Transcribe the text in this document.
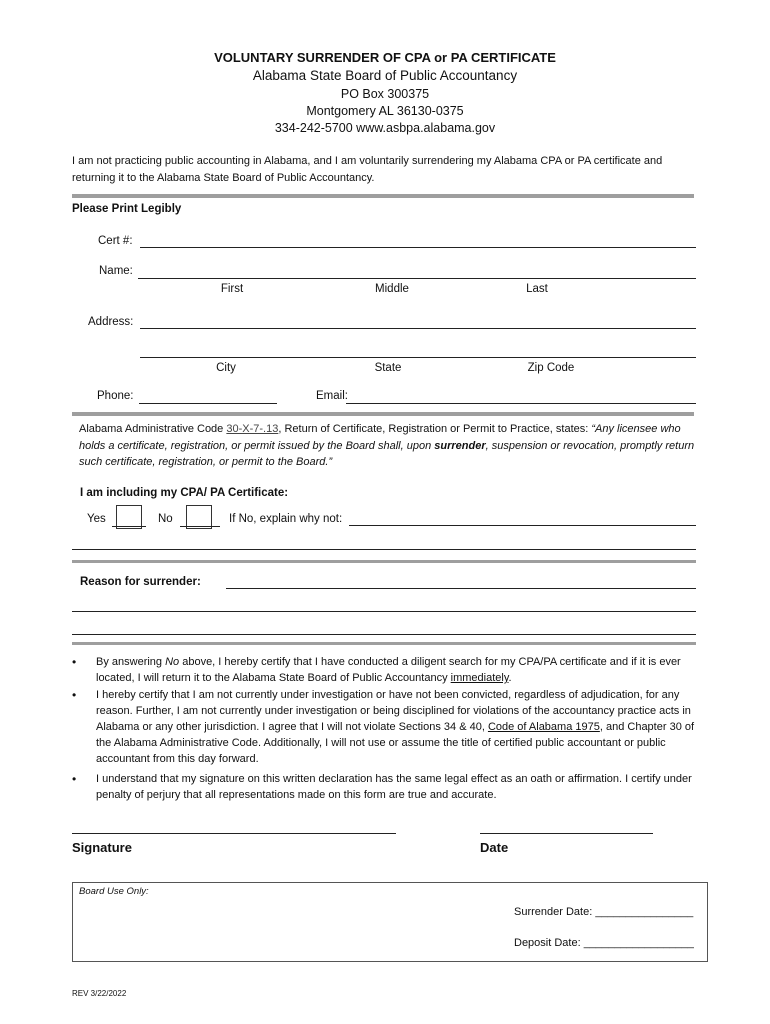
VOLUNTARY SURRENDER OF CPA or PA CERTIFICATE
Alabama State Board of Public Accountancy
PO Box 300375
Montgomery AL 36130-0375
334-242-5700 www.asbpa.alabama.gov
I am not practicing public accounting in Alabama, and I am voluntarily surrendering my Alabama CPA or PA certificate and returning it to the Alabama State Board of Public Accountancy.
Please Print Legibly
Cert #:
Name:
First	Middle	Last
Address:
City	State	Zip Code
Phone:	Email:
Alabama Administrative Code 30-X-7-.13, Return of Certificate, Registration or Permit to Practice, states: “Any licensee who holds a certificate, registration, or permit issued by the Board shall, upon surrender, suspension or revocation, promptly return such certificate, registration, or permit to the Board.”
I am including my CPA/ PA Certificate:
Yes	No	If No, explain why not:
Reason for surrender:
• By answering No above, I hereby certify that I have conducted a diligent search for my CPA/PA certificate and if it is ever located, I will return it to the Alabama State Board of Public Accountancy immediately.
• I hereby certify that I am not currently under investigation or have not been convicted, regardless of adjudication, for any reason. Further, I am not currently under investigation or being disciplined for violations of the accountancy practice acts in Alabama or any other jurisdiction. I agree that I will not violate Sections 34 & 40, Code of Alabama 1975, and Chapter 30 of the Alabama Administrative Code. Additionally, I will not use or assume the title of certified public accountant or public accountant from this day forward.
• I understand that my signature on this written declaration has the same legal effect as an oath or affirmation. I certify under penalty of perjury that all representations made on this form are true and accurate.
Signature	Date
Board Use Only:
Surrender Date: ________________
Deposit Date: __________________
REV 3/22/2022
